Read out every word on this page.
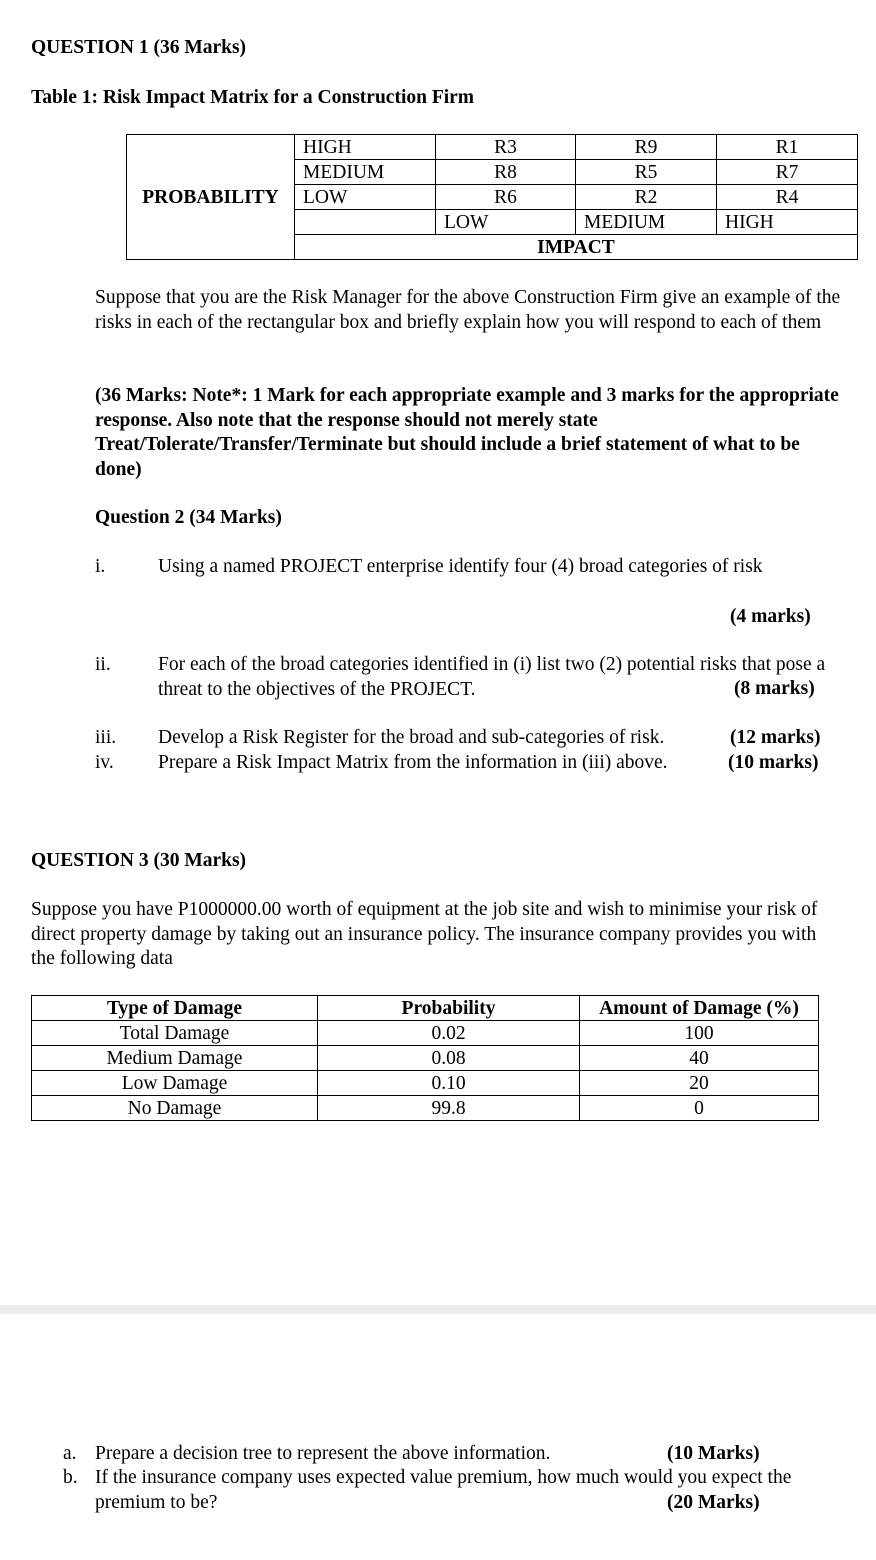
QUESTION 1 (36 Marks)
Table 1: Risk Impact Matrix for a Construction Firm
PROBABILITY	HIGH	R3	R9	R1
	MEDIUM	R8	R5	R7
	LOW	R6	R2	R4
		LOW	MEDIUM	HIGH
	IMPACT			
Suppose that you are the Risk Manager for the above Construction Firm give an example of the risks in each of the rectangular box and briefly explain how you will respond to each of them
(36 Marks: Note*: 1 Mark for each appropriate example and 3 marks for the appropriate response. Also note that the response should not merely state Treat/Tolerate/Transfer/Terminate but should include a brief statement of what to be done)
Question 2 (34 Marks)
i.	Using a named PROJECT enterprise identify four (4) broad categories of risk
(4 marks)
ii. For each of the broad categories identified in (i) list two (2) potential risks that pose a threat to the objectives of the PROJECT.	(8 marks)
iii. Develop a Risk Register for the broad and sub-categories of risk.	(12 marks)
iv. Prepare a Risk Impact Matrix from the information in (iii) above.	(10 marks)
QUESTION 3 (30 Marks)
Suppose you have P1000000.00 worth of equipment at the job site and wish to minimise your risk of direct property damage by taking out an insurance policy. The insurance company provides you with the following data
Type of Damage	Probability	Amount of Damage (%)
Total Damage	0.02	100
Medium Damage	0.08	40
Low Damage	0.10	20
No Damage	99.8	0
a. Prepare a decision tree to represent the above information.	(10 Marks)
b. If the insurance company uses expected value premium, how much would you expect the premium to be?	(20 Marks)
